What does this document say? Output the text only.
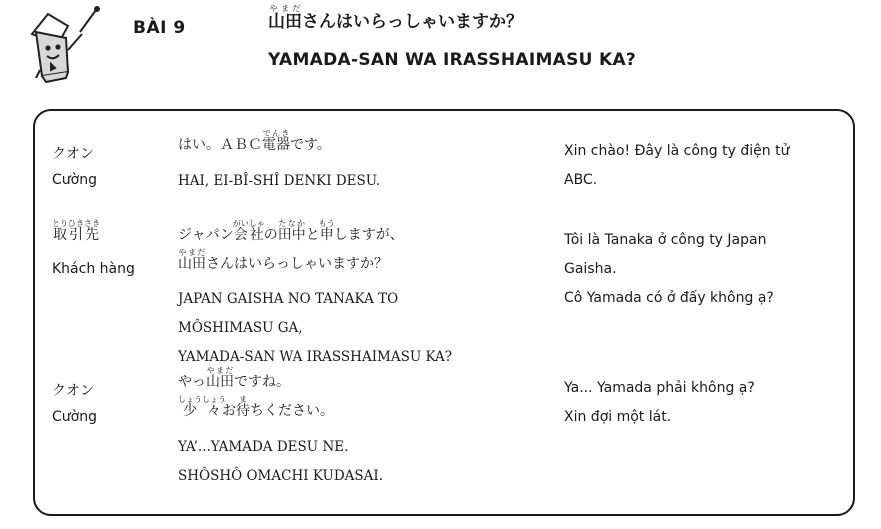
BÀI 9	山田やまださんはいらっしゃいますか？
YAMADA-SAN WA IRASSHAIMASU KA?
クオン
Cường
はい。ＡＢＣ電器でんきです。
HAI, EI-BÎ-SHÎ DENKI DESU.
Xin chào! Đây là công ty điện tử
ABC.
取引先とりひきさき
Khách hàng
ジャパン会社がいしゃの田中たなかと申もうしますが、
山田やまださんはいらっしゃいますか？
JAPAN GAISHA NO TANAKA TO
MÔSHIMASU GA,
YAMADA-SAN WA IRASSHAIMASU KA?
Tôi là Tanaka ở công ty Japan
Gaisha.
Cô Yamada có ở đấy không ạ?
クオン
Cường
やっ山田やまだですね。
少々しょうしょうお待まちください。
YA’...YAMADA DESU NE.
SHÔSHÔ OMACHI KUDASAI.
Ya... Yamada phải không ạ?
Xin đợi một lát.
